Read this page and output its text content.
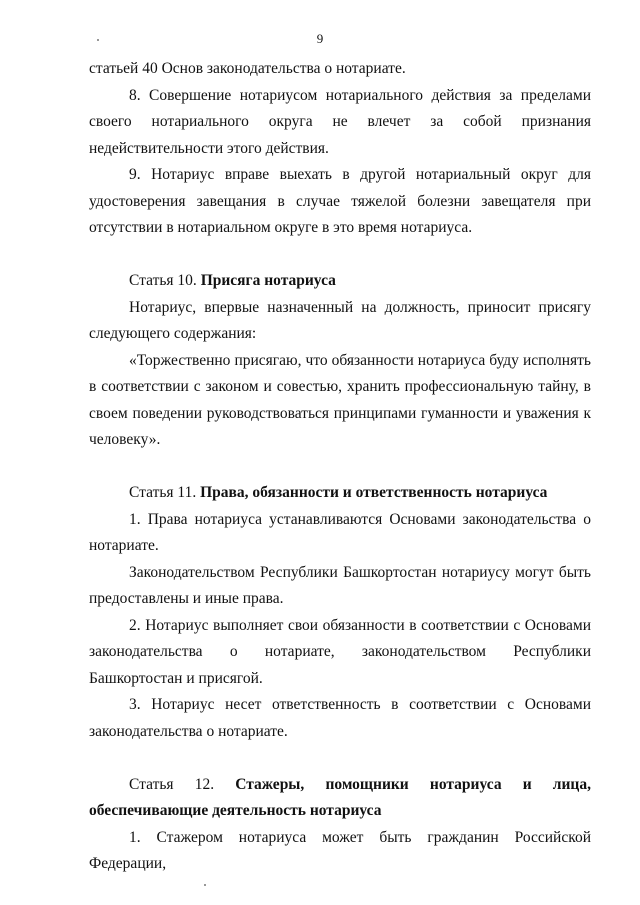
9

статьей 40 Основ законодательства о нотариате.

8. Совершение нотариусом нотариального действия за пределами своего нотариального округа не влечет за собой признания недействительности этого действия.

9. Нотариус вправе выехать в другой нотариальный округ для удостоверения завещания в случае тяжелой болезни завещателя при отсутствии в нотариальном округе в это время нотариуса.

Статья 10. Присяга нотариуса

Нотариус, впервые назначенный на должность, приносит присягу следующего содержания:

«Торжественно присягаю, что обязанности нотариуса буду исполнять в соответствии с законом и совестью, хранить профессиональную тайну, в своем поведении руководствоваться принципами гуманности и уважения к человеку».

Статья 11. Права, обязанности и ответственность нотариуса

1. Права нотариуса устанавливаются Основами законодательства о нотариате.

Законодательством Республики Башкортостан нотариусу могут быть предоставлены и иные права.

2. Нотариус выполняет свои обязанности в соответствии с Основами законодательства о нотариате, законодательством Республики Башкортостан и присягой.

3. Нотариус несет ответственность в соответствии с Основами законодательства о нотариате.

Статья 12. Стажеры, помощники нотариуса и лица, обеспечивающие деятельность нотариуса

1. Стажером нотариуса может быть гражданин Российской Федерации,
